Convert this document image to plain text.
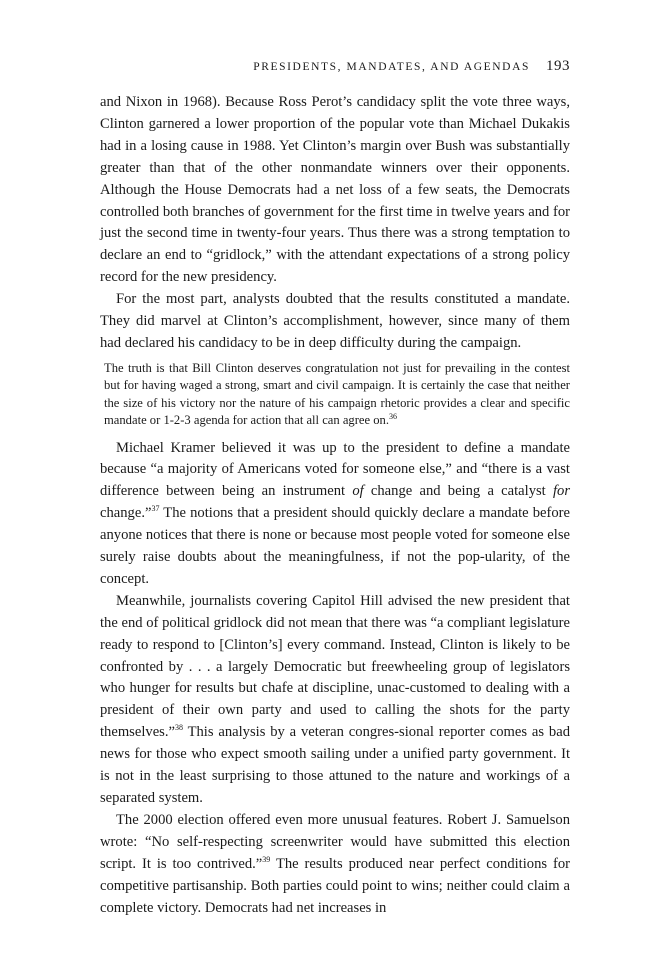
PRESIDENTS, MANDATES, AND AGENDAS 193

and Nixon in 1968). Because Ross Perot’s candidacy split the vote three ways, Clinton garnered a lower proportion of the popular vote than Michael Dukakis had in a losing cause in 1988. Yet Clinton’s margin over Bush was substantially greater than that of the other nonmandate winners over their opponents. Although the House Democrats had a net loss of a few seats, the Democrats controlled both branches of government for the first time in twelve years and for just the second time in twenty-four years. Thus there was a strong temptation to declare an end to “gridlock,” with the attendant expectations of a strong policy record for the new presidency.

For the most part, analysts doubted that the results constituted a mandate. They did marvel at Clinton’s accomplishment, however, since many of them had declared his candidacy to be in deep difficulty during the campaign.

The truth is that Bill Clinton deserves congratulation not just for prevailing in the contest but for having waged a strong, smart and civil campaign. It is certainly the case that neither the size of his victory nor the nature of his campaign rhetoric provides a clear and specific mandate or 1-2-3 agenda for action that all can agree on.$^{36}$

Michael Kramer believed it was up to the president to define a mandate because “a majority of Americans voted for someone else,” and “there is a vast difference between being an instrument of change and being a catalyst for change.”$^{37}$ The notions that a president should quickly declare a mandate before anyone notices that there is none or because most people voted for someone else surely raise doubts about the meaningfulness, if not the pop-ularity, of the concept.

Meanwhile, journalists covering Capitol Hill advised the new president that the end of political gridlock did not mean that there was “a compliant legislature ready to respond to [Clinton’s] every command. Instead, Clinton is likely to be confronted by . . . a largely Democratic but freewheeling group of legislators who hunger for results but chafe at discipline, unac-customed to dealing with a president of their own party and used to calling the shots for the party themselves.”$^{38}$ This analysis by a veteran congres-sional reporter comes as bad news for those who expect smooth sailing under a unified party government. It is not in the least surprising to those attuned to the nature and workings of a separated system.

The 2000 election offered even more unusual features. Robert J. Samuelson wrote: “No self-respecting screenwriter would have submitted this election script. It is too contrived.”$^{39}$ The results produced near perfect conditions for competitive partisanship. Both parties could point to wins; neither could claim a complete victory. Democrats had net increases in
